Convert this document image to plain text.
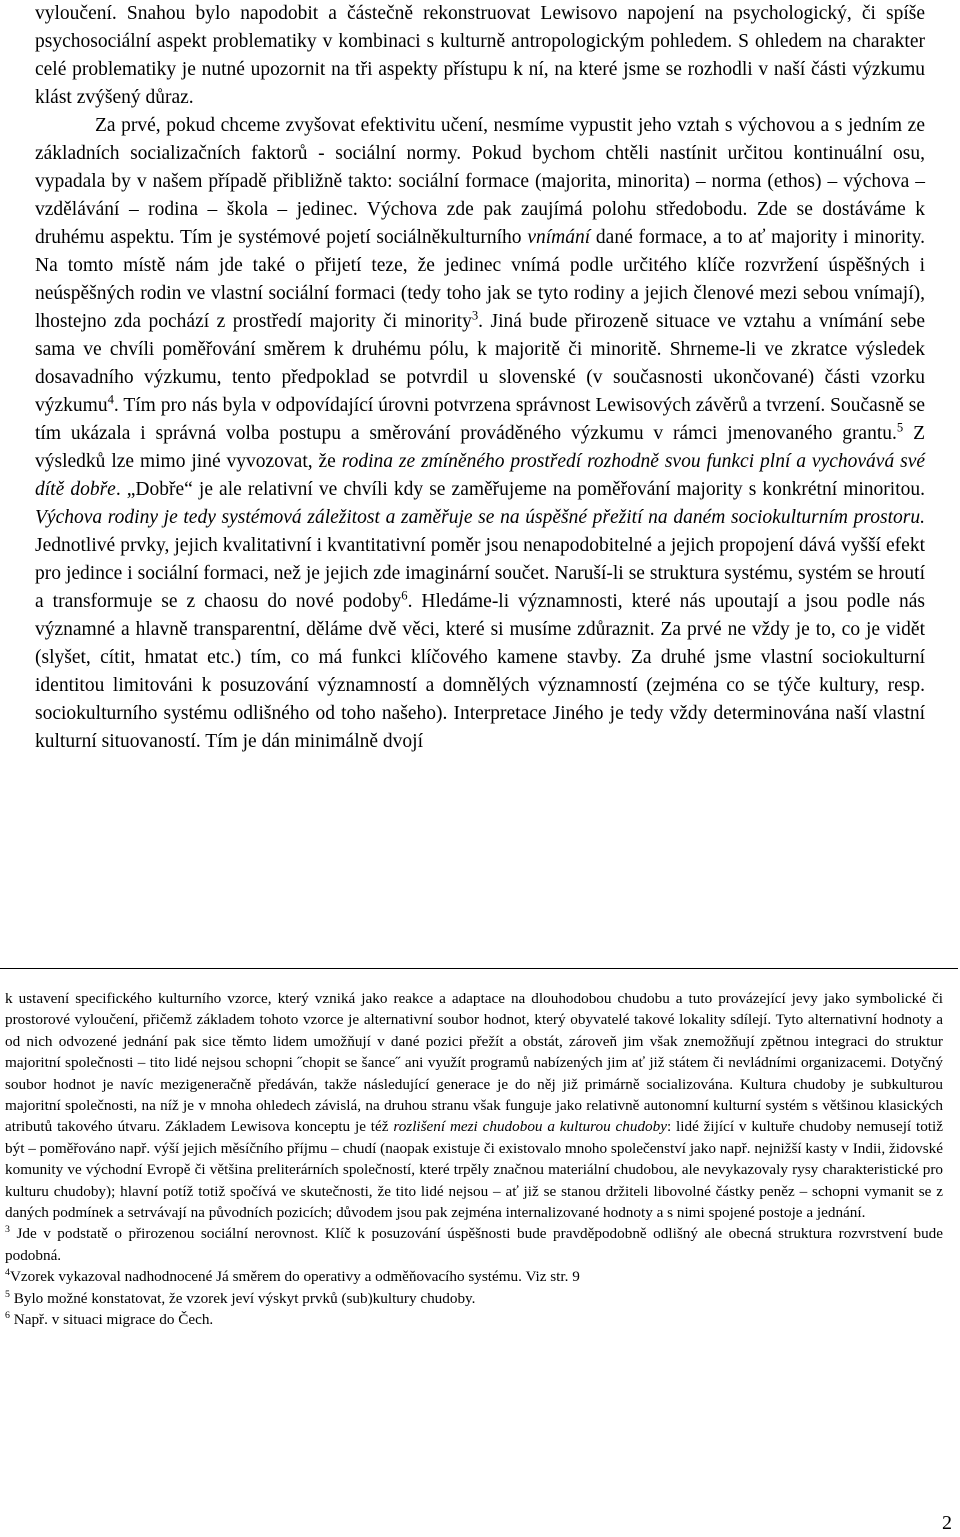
vyloučení. Snahou bylo napodobit a částečně rekonstruovat Lewisovo napojení na psychologický, či spíše psychosociální aspekt problematiky v kombinaci s kulturně antropologickým pohledem. S ohledem na charakter celé problematiky je nutné upozornit na tři aspekty přístupu k ní, na které jsme se rozhodli v naší části výzkumu klást zvýšený důraz.

Za prvé, pokud chceme zvyšovat efektivitu učení, nesmíme vypustit jeho vztah s výchovou a s jedním ze základních socializačních faktorů - sociální normy. Pokud bychom chtěli nastínit určitou kontinuální osu, vypadala by v našem případě přibližně takto: sociální formace (majorita, minorita) – norma (ethos) – výchova – vzdělávání – rodina – škola – jedinec. Výchova zde pak zaujímá polohu středobodu. Zde se dostáváme k druhému aspektu. Tím je systémové pojetí sociálněkulturního vnímání dané formace, a to ať majority i minority. Na tomto místě nám jde také o přijetí teze, že jedinec vnímá podle určitého klíče rozvržení úspěšných i neúspěšných rodin ve vlastní sociální formaci (tedy toho jak se tyto rodiny a jejich členové mezi sebou vnímají), lhostejno zda pochází z prostředí majority či minority$^3$. Jiná bude přirozeně situace ve vztahu a vnímání sebe sama ve chvíli poměřování směrem k druhému pólu, k majoritě či minoritě. Shrneme-li ve zkratce výsledek dosavadního výzkumu, tento předpoklad se potvrdil u slovenské (v současnosti ukončované) části vzorku výzkumu$^4$. Tím pro nás byla v odpovídající úrovni potvrzena správnost Lewisových závěrů a tvrzení. Současně se tím ukázala i správná volba postupu a směrování prováděného výzkumu v rámci jmenovaného grantu.$^5$ Z výsledků lze mimo jiné vyvozovat, že rodina ze zmíněného prostředí rozhodně svou funkci plní a vychovává své dítě dobře. „Dobře“ je ale relativní ve chvíli kdy se zaměřujeme na poměřování majority s konkrétní minoritou. Výchova rodiny je tedy systémová záležitost a zaměřuje se na úspěšné přežití na daném sociokulturním prostoru. Jednotlivé prvky, jejich kvalitativní i kvantitativní poměr jsou nenapodobitelné a jejich propojení dává vyšší efekt pro jedince i sociální formaci, než je jejich zde imaginární součet. Naruší-li se struktura systému, systém se hroutí a transformuje se z chaosu do nové podoby$^6$. Hledáme-li významnosti, které nás upoutají a jsou podle nás významné a hlavně transparentní, děláme dvě věci, které si musíme zdůraznit. Za prvé ne vždy je to, co je vidět (slyšet, cítit, hmatat etc.) tím, co má funkci klíčového kamene stavby. Za druhé jsme vlastní sociokulturní identitou limitováni k posuzování významností a domnělých významností (zejména co se týče kultury, resp. sociokulturního systému odlišného od toho našeho). Interpretace Jiného je tedy vždy determinována naší vlastní kulturní situovaností. Tím je dán minimálně dvojí

k ustavení specifického kulturního vzorce, který vzniká jako reakce a adaptace na dlouhodobou chudobu a tuto provázející jevy jako symbolické či prostorové vyloučení, přičemž základem tohoto vzorce je alternativní soubor hodnot, který obyvatelé takové lokality sdílejí. Tyto alternativní hodnoty a od nich odvozené jednání pak sice těmto lidem umožňují v dané pozici přežít a obstát, zároveň jim však znemožňují zpětnou integraci do struktur majoritní společnosti – tito lidé nejsou schopni ˝chopit se šance˝ ani využít programů nabízených jim ať již státem či nevládními organizacemi. Dotyčný soubor hodnot je navíc mezigeneračně předáván, takže následující generace je do něj již primárně socializována. Kultura chudoby je subkulturou majoritní společnosti, na níž je v mnoha ohledech závislá, na druhou stranu však funguje jako relativně autonomní kulturní systém s většinou klasických atributů takového útvaru. Základem Lewisova konceptu je též rozlišení mezi chudobou a kulturou chudoby: lidé žijící v kultuře chudoby nemusejí totiž být – poměřováno např. výší jejich měsíčního příjmu – chudí (naopak existuje či existovalo mnoho společenství jako např. nejnižší kasty v Indii, židovské komunity ve východní Evropě či většina preliterárních společností, které trpěly značnou materiální chudobou, ale nevykazovaly rysy charakteristické pro kulturu chudoby); hlavní potíž totiž spočívá ve skutečnosti, že tito lidé nejsou – ať již se stanou držiteli libovolné částky peněz – schopni vymanit se z daných podmínek a setrvávají na původních pozicích; důvodem jsou pak zejména internalizované hodnoty a s nimi spojené postoje a jednání.

$^3$ Jde v podstatě o přirozenou sociální nerovnost. Klíč k posuzování úspěšnosti bude pravděpodobně odlišný ale obecná struktura rozvrstvení bude podobná.

$^4$Vzorek vykazoval nadhodnocené Já směrem do operativy a odměňovacího systému. Viz str. 9

$^5$ Bylo možné konstatovat, že vzorek jeví výskyt prvků (sub)kultury chudoby.

$^6$ Např. v situaci migrace do Čech.

2
